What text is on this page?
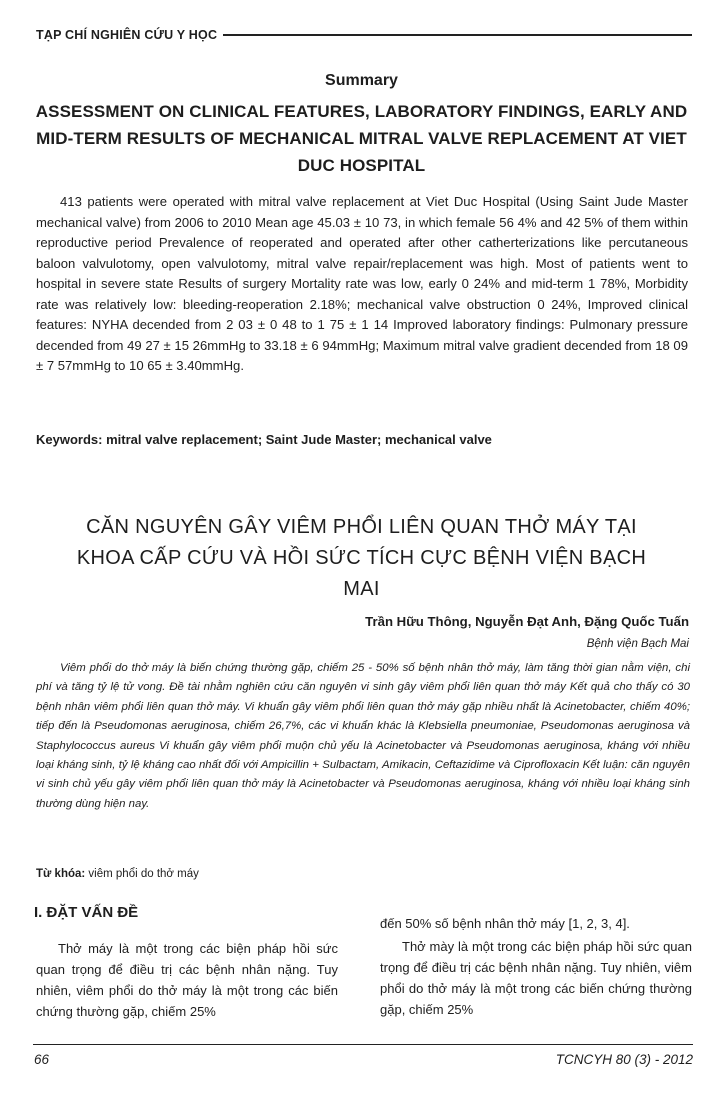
TẠP CHÍ NGHIÊN CỨU Y HỌC
Summary
ASSESSMENT ON CLINICAL FEATURES, LABORATORY FINDINGS, EARLY AND MID-TERM RESULTS OF MECHANICAL MITRAL VALVE REPLACEMENT AT VIET DUC HOSPITAL

413 patients were operated with mitral valve replacement at Viet Duc Hospital (Using Saint Jude Master mechanical valve) from 2006 to 2010 Mean age 45.03 ± 10 73, in which female 56 4% and 42 5% of them within reproductive period Prevalence of reoperated and operated after other catherterizations like percutaneous baloon valvulotomy, open valvulotomy, mitral valve repair/replacement was high. Most of patients went to hospital in severe state Results of surgery Mortality rate was low, early 0 24% and mid-term 1 78%, Morbidity rate was relatively low: bleeding-reoperation 2.18%; mechanical valve obstruction 0 24%, Improved clinical features: NYHA decended from 2 03 ± 0 48 to 1 75 ± 1 14 Improved laboratory findings: Pulmonary pressure decended from 49 27 ± 15 26mmHg to 33.18 ± 6 94mmHg; Maximum mitral valve gradient decended from 18 09 ± 7 57mmHg to 10 65 ± 3.40mmHg.

Keywords: mitral valve replacement; Saint Jude Master; mechanical valve

CĂN NGUYÊN GÂY VIÊM PHỔI LIÊN QUAN THỞ MÁY TẠI KHOA CẤP CỨU VÀ HỒI SỨC TÍCH CỰC BỆNH VIỆN BẠCH MAI
Trần Hữu Thông, Nguyễn Đạt Anh, Đặng Quốc Tuấn
Bệnh viện Bạch Mai

Viêm phổi do thở máy là biến chứng thường gặp, chiếm 25 - 50% số bệnh nhân thở máy, làm tăng thời gian nằm viện, chi phí và tăng tỷ lệ tử vong. Đề tài nhằm nghiên cứu căn nguyên vi sinh gây viêm phổi liên quan thở máy Kết quả cho thấy có 30 bệnh nhân viêm phổi liên quan thở máy. Vi khuẩn gây viêm phổi liên quan thở máy gặp nhiều nhất là Acinetobacter, chiếm 40%; tiếp đến là Pseudomonas aeruginosa, chiếm 26,7%, các vi khuẩn khác là Klebsiella pneumoniae, Pseudomonas aeruginosa và Staphylococcus aureus Vi khuẩn gây viêm phổi muộn chủ yếu là Acinetobacter và Pseudomonas aeruginosa, kháng với nhiều loại kháng sinh, tỷ lệ kháng cao nhất đối với Ampicillin + Sulbactam, Amikacin, Ceftazidime và Ciprofloxacin Kết luận: căn nguyên vi sinh chủ yếu gây viêm phổi liên quan thở máy là Acinetobacter và Pseudomonas aeruginosa, kháng với nhiều loại kháng sinh thường dùng hiện nay.

Từ khóa: viêm phổi do thở máy

I. ĐẶT VẤN ĐỀ

Thở máy là một trong các biện pháp hồi sức quan trọng để điều trị các bệnh nhân nặng. Tuy nhiên, viêm phổi do thở máy là một trong các biến chứng thường gặp, chiếm 25%

đến 50% số bệnh nhân thở máy [1, 2, 3, 4].

Thở mày là một trong các biện pháp hồi sức quan trọng để điều trị các bệnh nhân nặng. Tuy nhiên, viêm phổi do thở máy là một trong các biến chứng thường gặp, chiếm 25%

66	TCNCYH 80 (3) - 2012
